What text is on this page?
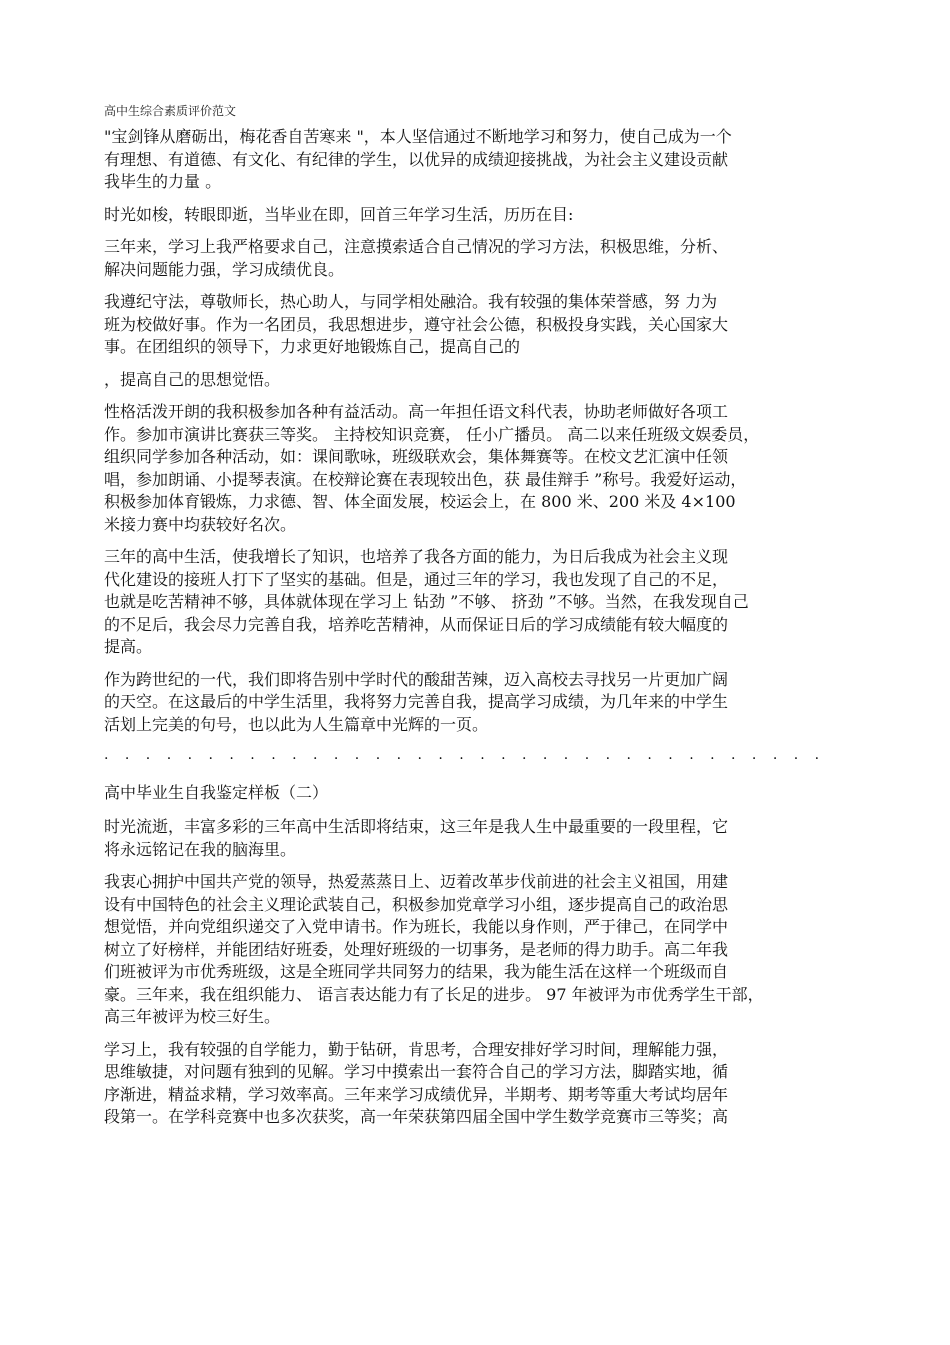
高中生综合素质评价范文
"宝剑锋从磨砺出，梅花香自苦寒来 "，本人坚信通过不断地学习和努力，使自己成为一个
有理想、有道德、有文化、有纪律的学生，以优异的成绩迎接挑战，为社会主义建设贡献
我毕生的力量 。
时光如梭，转眼即逝，当毕业在即，回首三年学习生活，历历在目:
三年来，学习上我严格要求自己，注意摸索适合自己情况的学习方法，积极思维，分析、
解决问题能力强，学习成绩优良。
我遵纪守法，尊敬师长，热心助人，与同学相处融洽。我有较强的集体荣誉感，努 力为
班为校做好事。作为一名团员，我思想进步，遵守社会公德，积极投身实践，关心国家大
事。在团组织的领导下，力求更好地锻炼自己，提高自己的
，提高自己的思想觉悟。
性格活泼开朗的我积极参加各种有益活动。高一年担任语文科代表，协助老师做好各项工
作。参加市演讲比赛获三等奖。 主持校知识竞赛， 任小广播员。 高二以来任班级文娱委员，
组织同学参加各种活动，如：课间歌咏，班级联欢会，集体舞赛等。在校文艺汇演中任领
唱，参加朗诵、小提琴表演。在校辩论赛在表现较出色，获 最佳辩手 ”称号。我爱好运动，
积极参加体育锻炼，力求德、智、体全面发展，校运会上，在 800 米、200 米及 4×100
米接力赛中均获较好名次。
三年的高中生活，使我增长了知识，也培养了我各方面的能力，为日后我成为社会主义现
代化建设的接班人打下了坚实的基础。但是，通过三年的学习，我也发现了自己的不足，
也就是吃苦精神不够，具体就体现在学习上 钻劲 ”不够、 挤劲 ”不够。当然，在我发现自己
的不足后，我会尽力完善自我，培养吃苦精神，从而保证日后的学习成绩能有较大幅度的
提高。
作为跨世纪的一代，我们即将告别中学时代的酸甜苦辣，迈入高校去寻找另一片更加广阔
的天空。在这最后的中学生活里，我将努力完善自我，提高学习成绩，为几年来的中学生
活划上完美的句号，也以此为人生篇章中光辉的一页。
. . . . . . . . . . . . . . . . . . . . . . . . . . . . . . . . . . .
高中毕业生自我鉴定样板（二）
时光流逝，丰富多彩的三年高中生活即将结束，这三年是我人生中最重要的一段里程，它
将永远铭记在我的脑海里。
我衷心拥护中国共产党的领导，热爱蒸蒸日上、迈着改革步伐前进的社会主义祖国，用建
设有中国特色的社会主义理论武装自己，积极参加党章学习小组，逐步提高自己的政治思
想觉悟，并向党组织递交了入党申请书。作为班长，我能以身作则，严于律己，在同学中
树立了好榜样，并能团结好班委，处理好班级的一切事务，是老师的得力助手。高二年我
们班被评为市优秀班级，这是全班同学共同努力的结果，我为能生活在这样一个班级而自
豪。三年来，我在组织能力、 语言表达能力有了长足的进步。 97 年被评为市优秀学生干部，
高三年被评为校三好生。
学习上，我有较强的自学能力，勤于钻研，肯思考，合理安排好学习时间，理解能力强，
思维敏捷，对问题有独到的见解。学习中摸索出一套符合自己的学习方法，脚踏实地，循
序渐进，精益求精，学习效率高。三年来学习成绩优异，半期考、期考等重大考试均居年
段第一。在学科竞赛中也多次获奖，高一年荣获第四届全国中学生数学竞赛市三等奖；高
